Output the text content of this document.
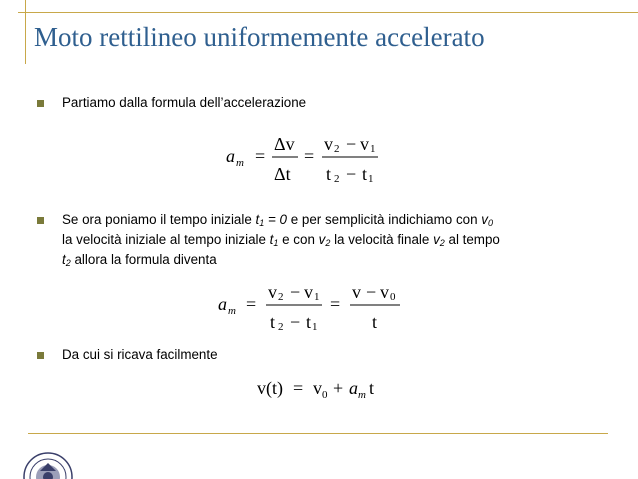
Moto rettilineo uniformemente accelerato
Partiamo dalla formula dell’accelerazione
a m =
Δv
Δt
=
v 2 − v 1
t 2 − t 1
Se ora poniamo il tempo iniziale $t_1 = 0$ e per semplicità indichiamo con $v_0$
la velocità iniziale al tempo iniziale $t_1$ e con $v_2$ la velocità finale $v_2$ al tempo
$t_2$ allora la formula diventa
a m =
v 2 − v 1
t 2 − t 1
=
v − v 0
t
Da cui si ricava facilmente
v(t) = v 0 + a m t
